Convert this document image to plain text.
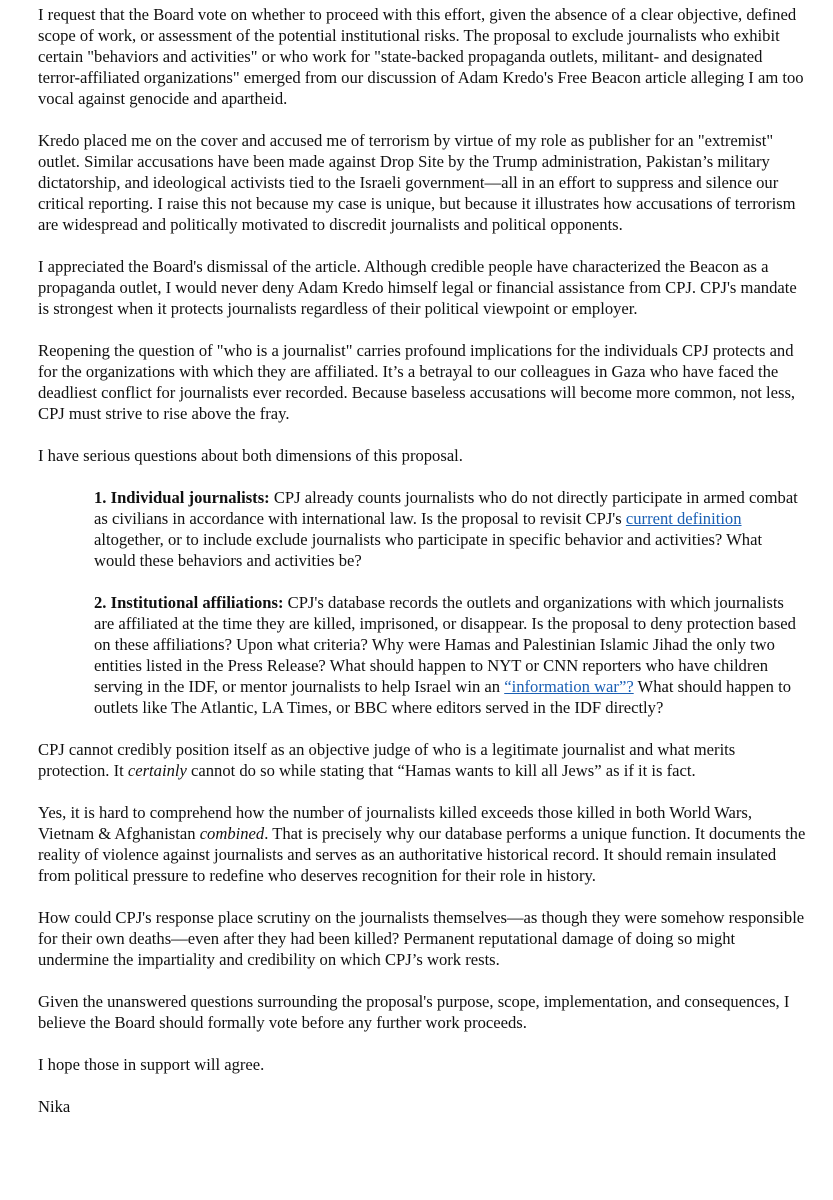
I request that the Board vote on whether to proceed with this effort, given the absence of a clear objective, defined scope of work, or assessment of the potential institutional risks. The proposal to exclude journalists who exhibit certain "behaviors and activities" or who work for "state-backed propaganda outlets, militant- and designated terror-affiliated organizations" emerged from our discussion of Adam Kredo's Free Beacon article alleging I am too vocal against genocide and apartheid.

Kredo placed me on the cover and accused me of terrorism by virtue of my role as publisher for an "extremist" outlet. Similar accusations have been made against Drop Site by the Trump administration, Pakistan’s military dictatorship, and ideological activists tied to the Israeli government—all in an effort to suppress and silence our critical reporting. I raise this not because my case is unique, but because it illustrates how accusations of terrorism are widespread and politically motivated to discredit journalists and political opponents.

I appreciated the Board's dismissal of the article. Although credible people have characterized the Beacon as a propaganda outlet, I would never deny Adam Kredo himself legal or financial assistance from CPJ. CPJ's mandate is strongest when it protects journalists regardless of their political viewpoint or employer.

Reopening the question of "who is a journalist" carries profound implications for the individuals CPJ protects and for the organizations with which they are affiliated. It’s a betrayal to our colleagues in Gaza who have faced the deadliest conflict for journalists ever recorded. Because baseless accusations will become more common, not less, CPJ must strive to rise above the fray.

I have serious questions about both dimensions of this proposal.

1. Individual journalists: CPJ already counts journalists who do not directly participate in armed combat as civilians in accordance with international law. Is the proposal to revisit CPJ's current definition altogether, or to include exclude journalists who participate in specific behavior and activities? What would these behaviors and activities be?

2. Institutional affiliations: CPJ's database records the outlets and organizations with which journalists are affiliated at the time they are killed, imprisoned, or disappear. Is the proposal to deny protection based on these affiliations? Upon what criteria? Why were Hamas and Palestinian Islamic Jihad the only two entities listed in the Press Release? What should happen to NYT or CNN reporters who have children serving in the IDF, or mentor journalists to help Israel win an “information war”? What should happen to outlets like The Atlantic, LA Times, or BBC where editors served in the IDF directly?

CPJ cannot credibly position itself as an objective judge of who is a legitimate journalist and what merits protection. It certainly cannot do so while stating that “Hamas wants to kill all Jews” as if it is fact.

Yes, it is hard to comprehend how the number of journalists killed exceeds those killed in both World Wars, Vietnam & Afghanistan combined. That is precisely why our database performs a unique function. It documents the reality of violence against journalists and serves as an authoritative historical record. It should remain insulated from political pressure to redefine who deserves recognition for their role in history.

How could CPJ's response place scrutiny on the journalists themselves—as though they were somehow responsible for their own deaths—even after they had been killed? Permanent reputational damage of doing so might undermine the impartiality and credibility on which CPJ’s work rests.

Given the unanswered questions surrounding the proposal's purpose, scope, implementation, and consequences, I believe the Board should formally vote before any further work proceeds.

I hope those in support will agree.

Nika
